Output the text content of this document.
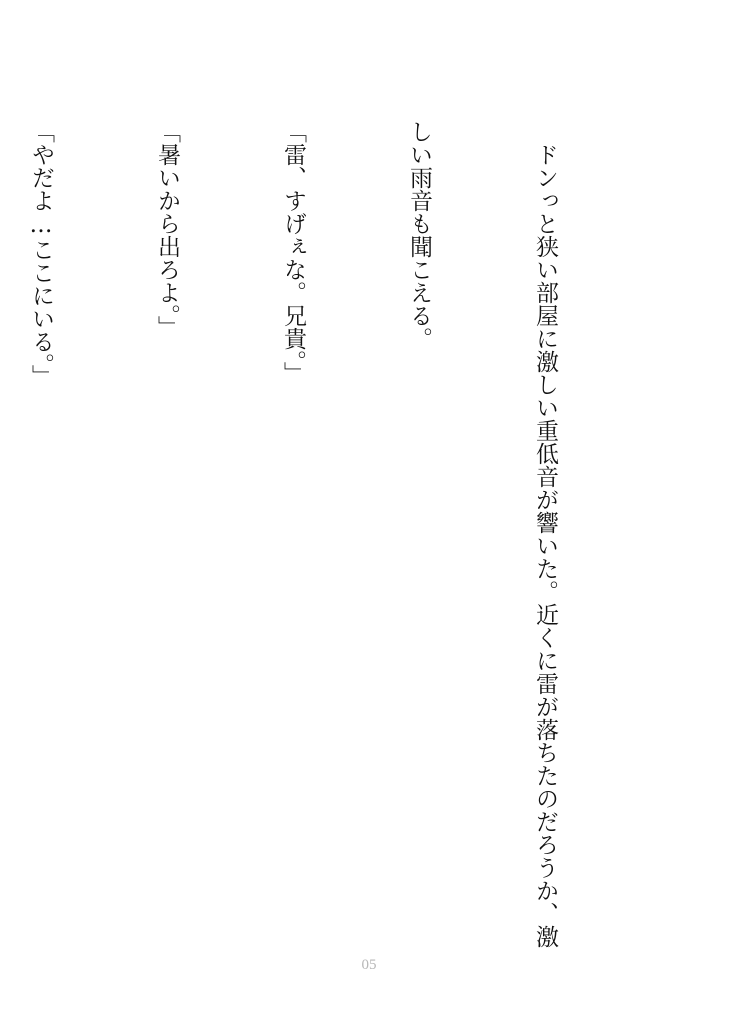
　ドンっと狭い部屋に激しい重低音が響いた。近くに雷が落ちたのだろうか、激

しい雨音も聞こえる。

「雷、すげぇな。兄貴。」

「暑いから出ろよ。」

「やだよ…ここにいる。」

05
